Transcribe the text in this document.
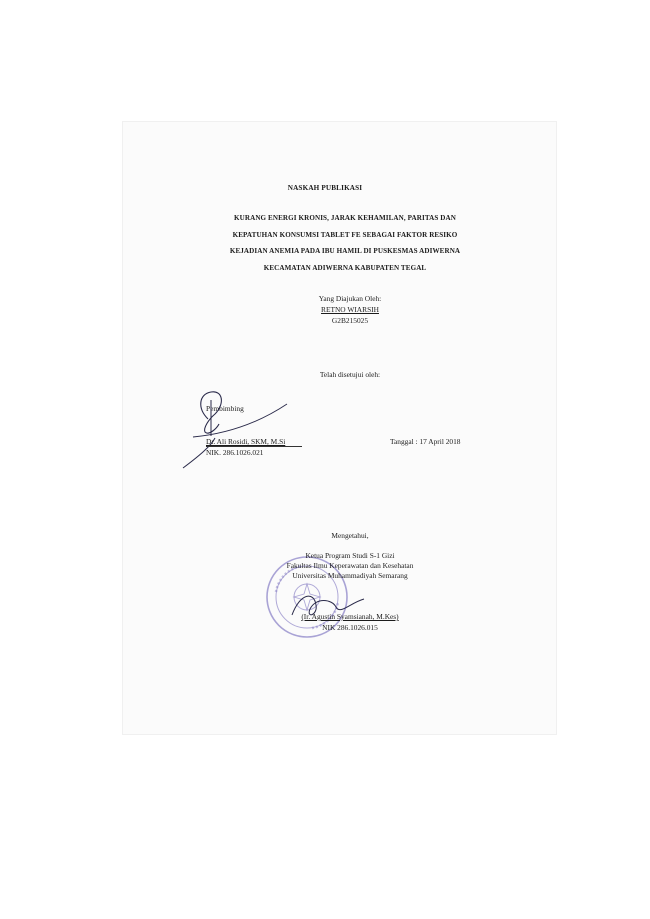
NASKAH PUBLIKASI
KURANG ENERGI KRONIS, JARAK KEHAMILAN, PARITAS DAN
KEPATUHAN KONSUMSI TABLET FE SEBAGAI FAKTOR RESIKO
KEJADIAN ANEMIA PADA IBU HAMIL DI PUSKESMAS ADIWERNA
KECAMATAN ADIWERNA KABUPATEN TEGAL
Yang Diajukan Oleh:
RETNO WIARSIH
G2B215025
Telah disetujui oleh:
Pembimbing
Dr. Ali Rosidi, SKM, M.Si
NIK. 286.1026.021
Tanggal : 17 April 2018
Mengetahui,
Ketua Program Studi S-1 Gizi
Fakultas Ilmu Keperawatan dan Kesehatan
Universitas Muhammadiyah Semarang
(Ir. Agustin Syamsianah, M.Kes)
NIK 286.1026.015
